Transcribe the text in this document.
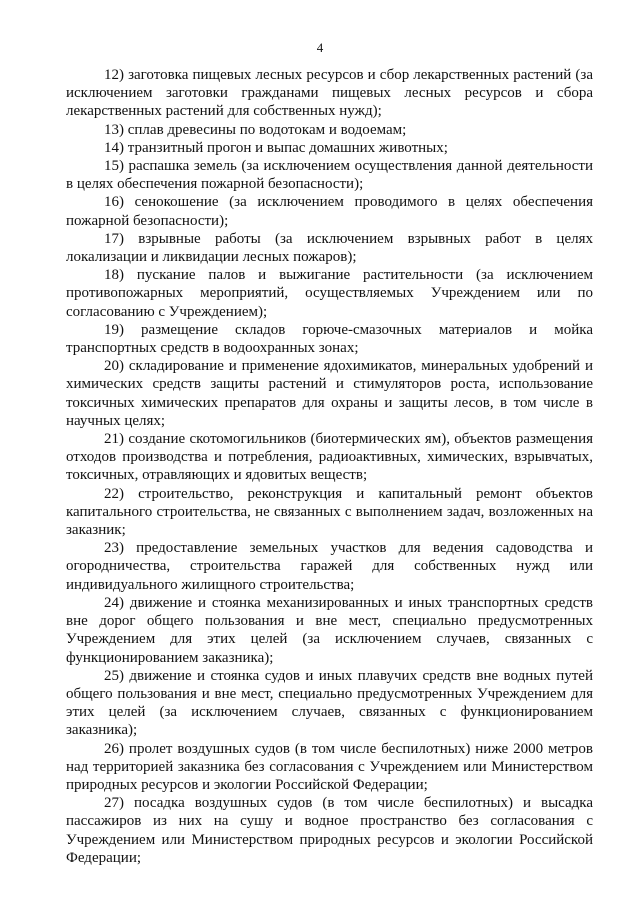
4

12) заготовка пищевых лесных ресурсов и сбор лекарственных растений (за исключением заготовки гражданами пищевых лесных ресурсов и сбора лекарственных растений для собственных нужд);

13) сплав древесины по водотокам и водоемам;

14) транзитный прогон и выпас домашних животных;

15) распашка земель (за исключением осуществления данной деятельности в целях обеспечения пожарной безопасности);

16) сенокошение (за исключением проводимого в целях обеспечения пожарной безопасности);

17) взрывные работы (за исключением взрывных работ в целях локализации и ликвидации лесных пожаров);

18) пускание палов и выжигание растительности (за исключением противопожарных мероприятий, осуществляемых Учреждением или по согласованию с Учреждением);

19) размещение складов горюче-смазочных материалов и мойка транспортных средств в водоохранных зонах;

20) складирование и применение ядохимикатов, минеральных удобрений и химических средств защиты растений и стимуляторов роста, использование токсичных химических препаратов для охраны и защиты лесов, в том числе в научных целях;

21) создание скотомогильников (биотермических ям), объектов размещения отходов производства и потребления, радиоактивных, химических, взрывчатых, токсичных, отравляющих и ядовитых веществ;

22) строительство, реконструкция и капитальный ремонт объектов капитального строительства, не связанных с выполнением задач, возложенных на заказник;

23) предоставление земельных участков для ведения садоводства и огородничества, строительства гаражей для собственных нужд или индивидуального жилищного строительства;

24) движение и стоянка механизированных и иных транспортных средств вне дорог общего пользования и вне мест, специально предусмотренных Учреждением для этих целей (за исключением случаев, связанных с функционированием заказника);

25) движение и стоянка судов и иных плавучих средств вне водных путей общего пользования и вне мест, специально предусмотренных Учреждением для этих целей (за исключением случаев, связанных с функционированием заказника);

26) пролет воздушных судов (в том числе беспилотных) ниже 2000 метров над территорией заказника без согласования с Учреждением или Министерством природных ресурсов и экологии Российской Федерации;

27) посадка воздушных судов (в том числе беспилотных) и высадка пассажиров из них на сушу и водное пространство без согласования с Учреждением или Министерством природных ресурсов и экологии Российской Федерации;
